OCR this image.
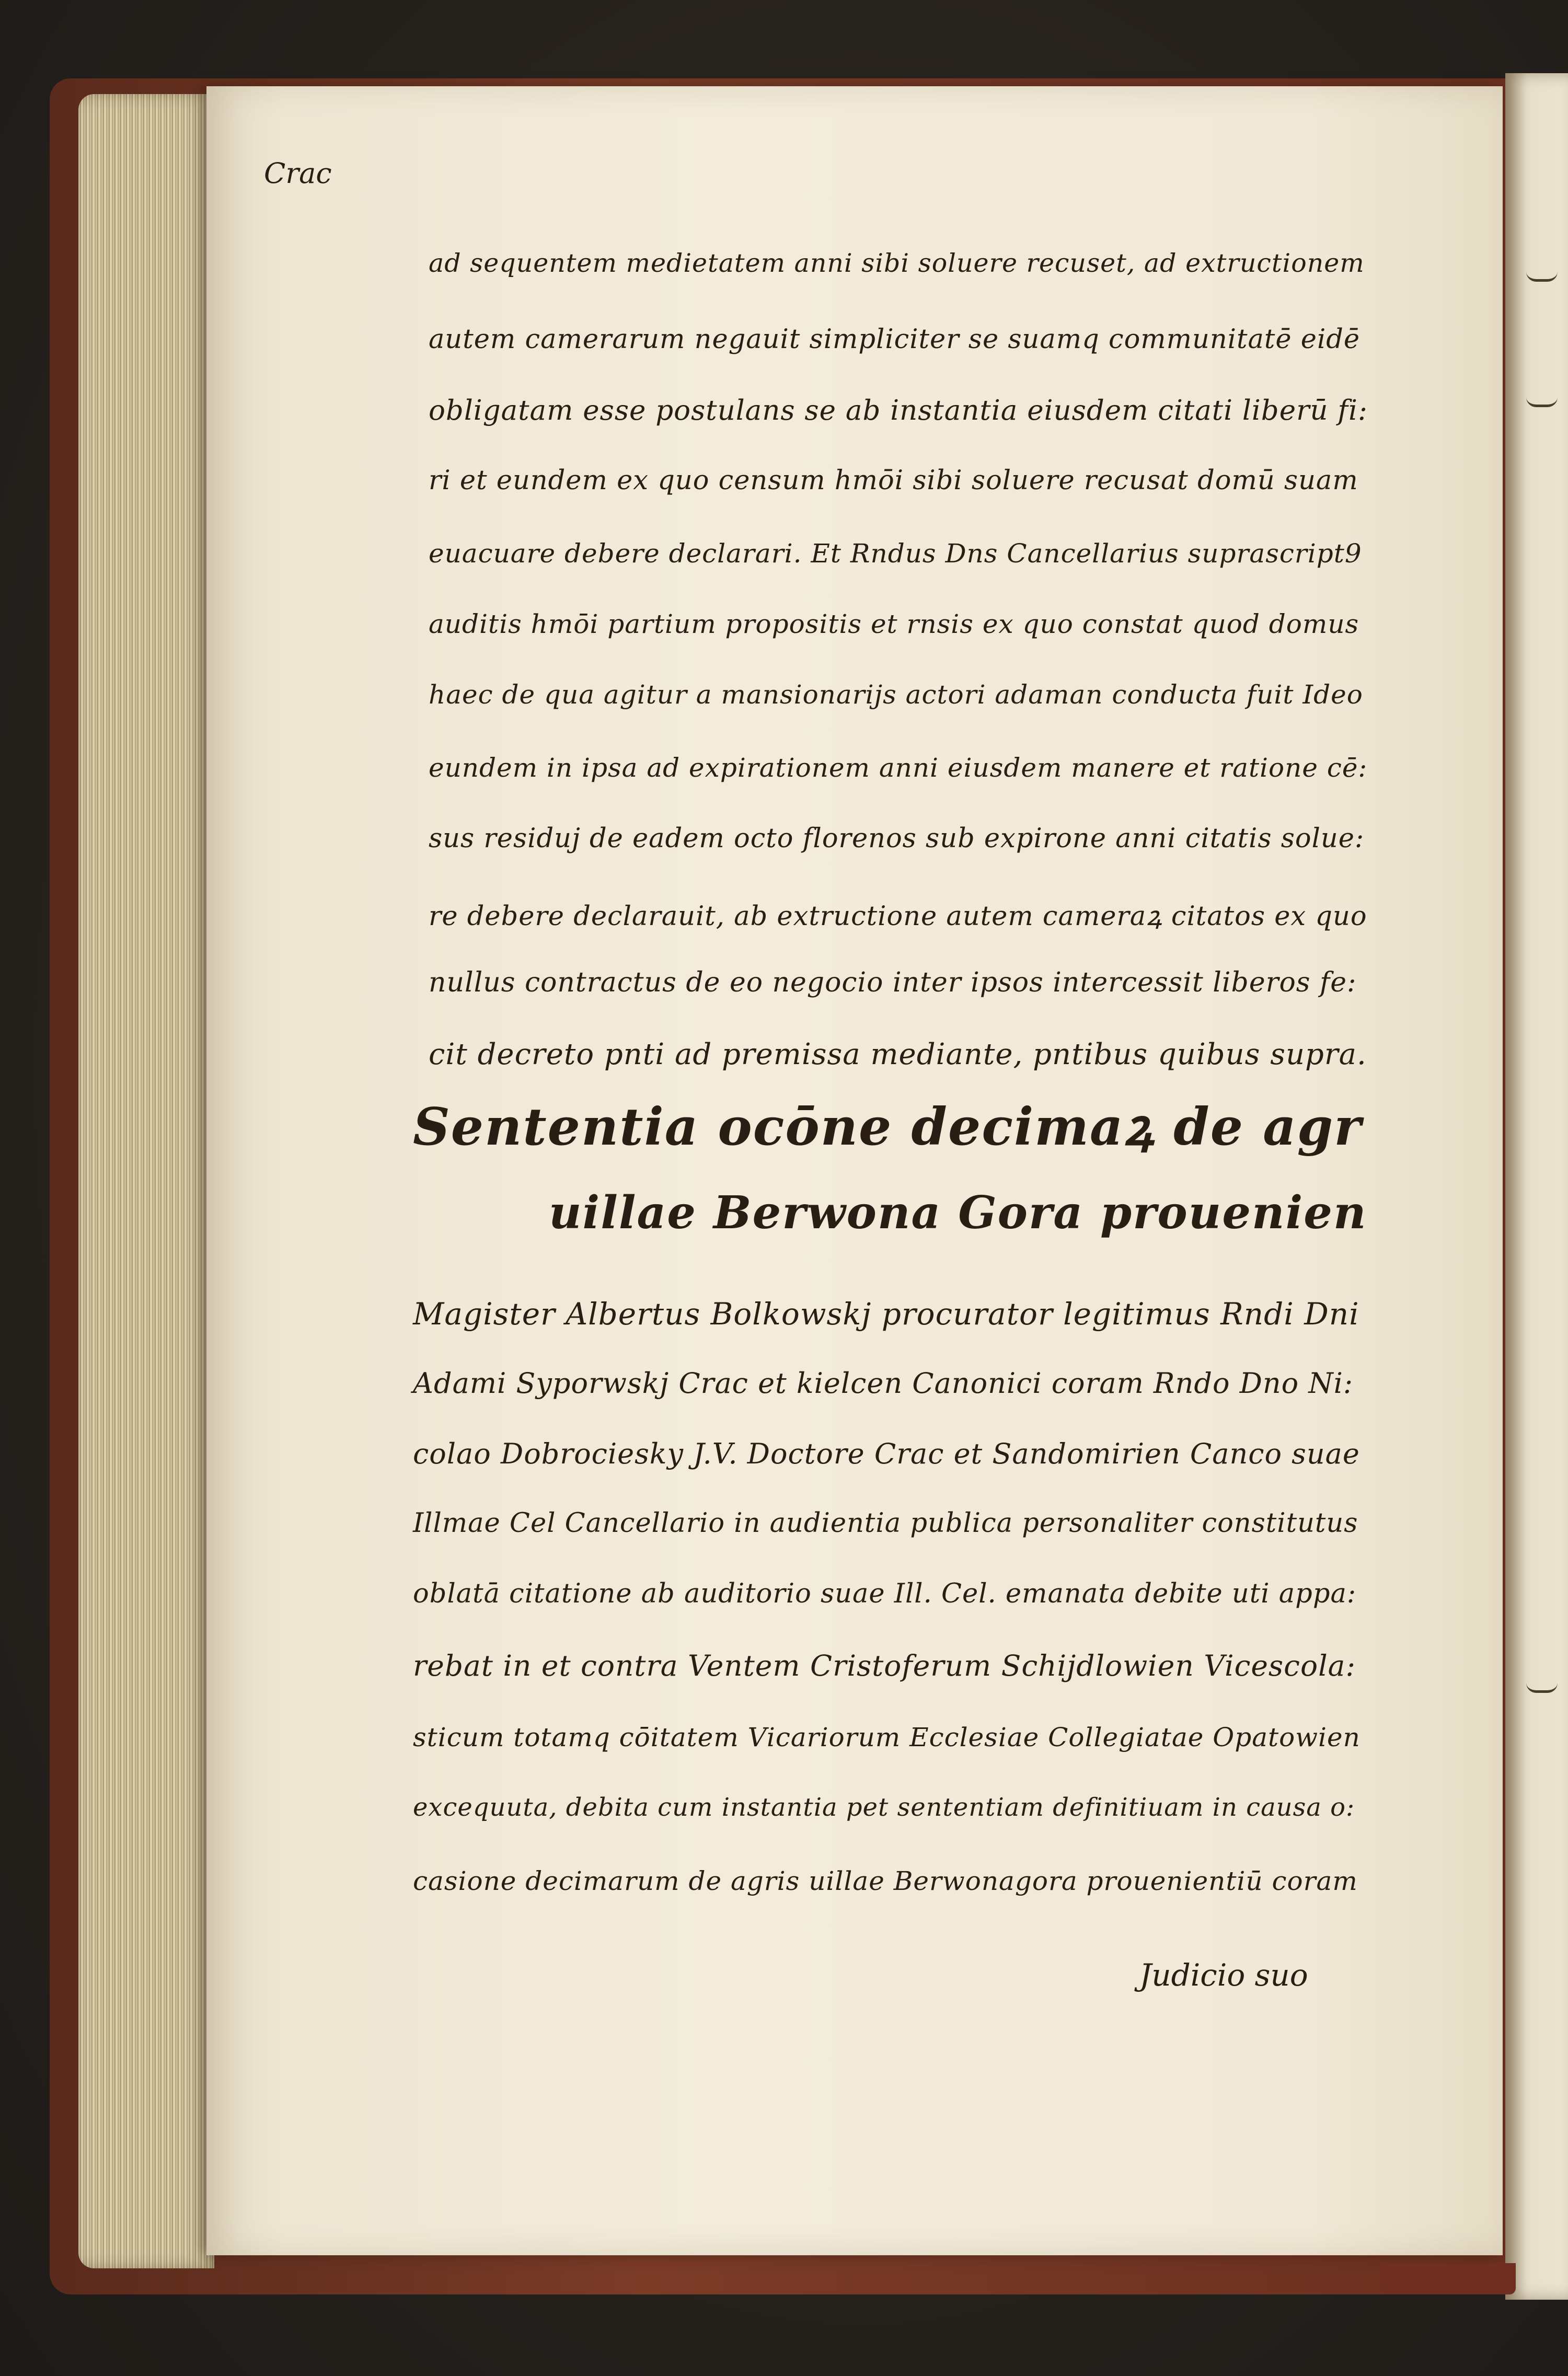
Crac

ad sequentem medietatem anni sibi soluere recuset, ad extructionem

autem camerarum negauit simpliciter se suamq communitatē eidē

obligatam esse postulans se ab instantia eiusdem citati liberū fi:

ri et eundem ex quo censum hmōi sibi soluere recusat domū suam

euacuare debere declarari. Et Rndus Dns Cancellarius suprascript9

auditis hmōi partium propositis et rnsis ex quo constat quod domus

haec de qua agitur a mansionarijs actori adaman conducta fuit Ideo

eundem in ipsa ad expirationem anni eiusdem manere et ratione cē:

sus residuj de eadem octo florenos sub expirone anni citatis solue:

re debere declarauit, ab extructione autem cameraꝝ citatos ex quo

nullus contractus de eo negocio inter ipsos intercessit liberos fe:

cit decreto pnti ad premissa mediante, pntibus quibus supra.

Sententia ocōne decimaꝝ de agr

uillae Berwona Gora prouenien

Magister Albertus Bolkowskj procurator legitimus Rndi Dni

Adami Syporwskj Crac et kielcen Canonici coram Rndo Dno Ni:

colao Dobrociesky J.V. Doctore Crac et Sandomirien Canco suae

Illmae Cel Cancellario in audientia publica personaliter constitutus

oblatā citatione ab auditorio suae Ill. Cel. emanata debite uti appa:

rebat in et contra Ventem Cristoferum Schijdlowien Vicescola:

sticum totamq cōitatem Vicariorum Ecclesiae Collegiatae Opatowien

excequuta, debita cum instantia pet sententiam definitiuam in causa o:

casione decimarum de agris uillae Berwonagora prouenientiū coram

Judicio suo
